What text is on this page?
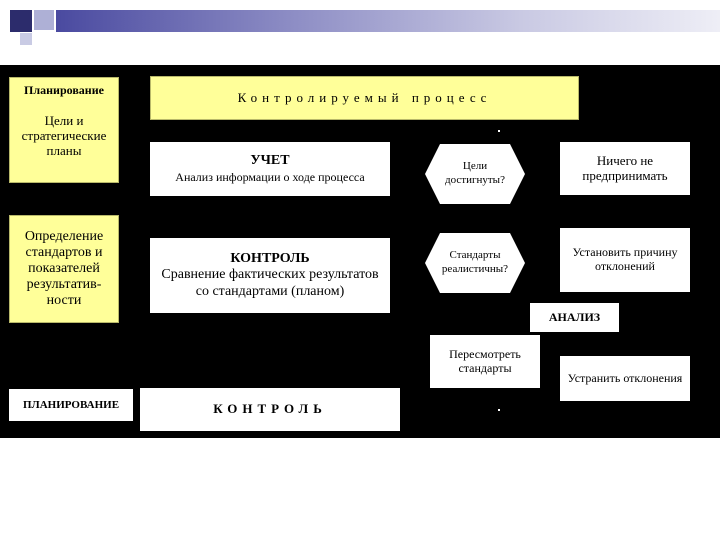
Планирование
Цели и стратегические планы
Определение стандартов и показателей результатив-ности
ПЛАНИРОВАНИЕ
Контролируемый процесс
УЧЕТ
Анализ информации о ходе процесса
КОНТРОЛЬ
Сравнение фактических результатов со стандартами (планом)
КОНТРОЛЬ
Цели достигнуты?
Стандарты реалистичны?
Ничего не предпринимать
Установить причину отклонений
АНАЛИЗ
Пересмотреть стандарты
Устранить отклонения
